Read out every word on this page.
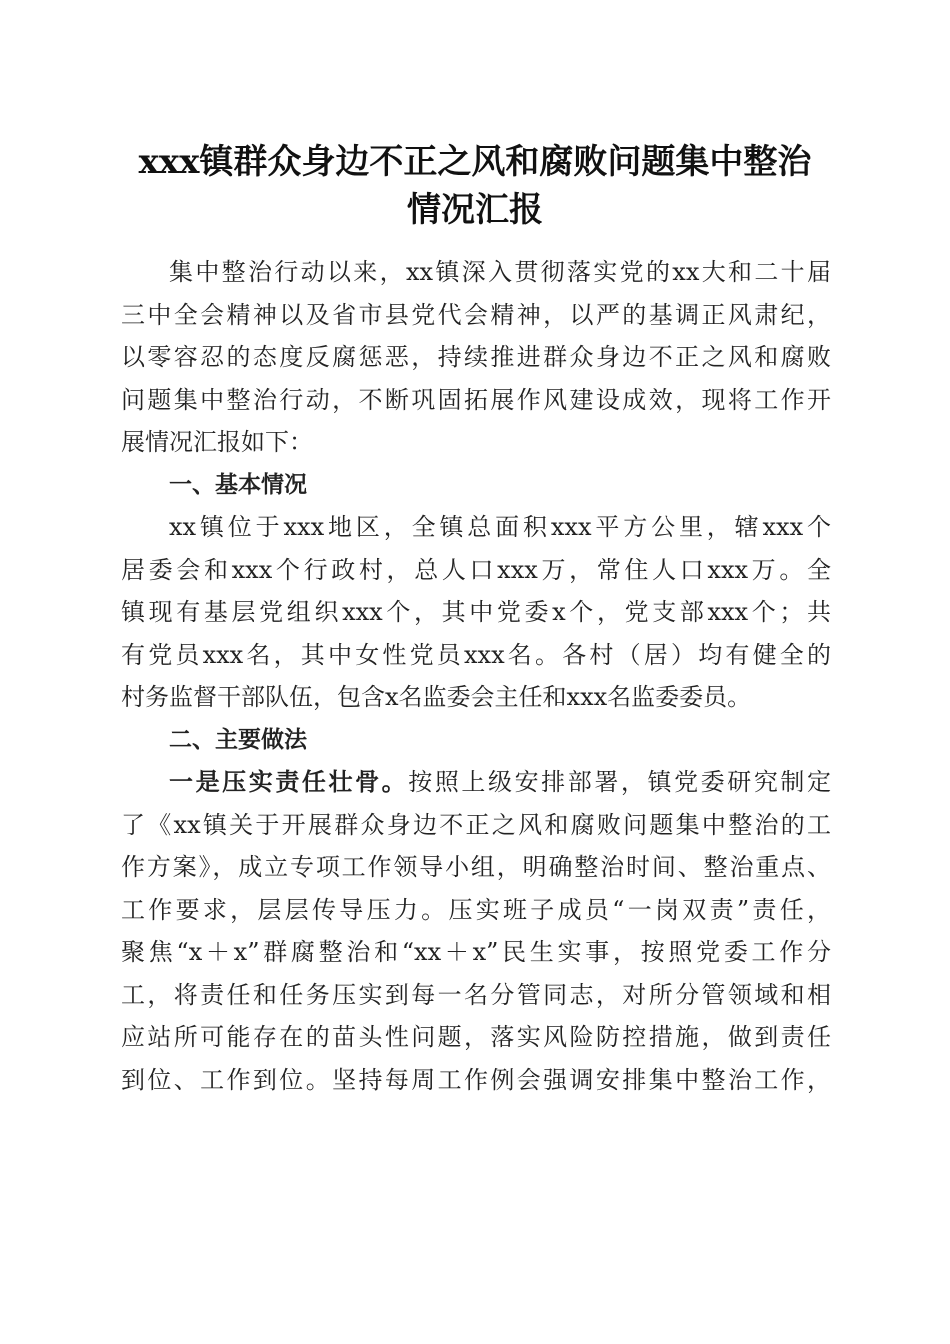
xxx镇群众身边不正之风和腐败问题集中整治
情况汇报
集中整治行动以来，xx镇深入贯彻落实党的xx大和二十届
三中全会精神以及省市县党代会精神，以严的基调正风肃纪，
以零容忍的态度反腐惩恶，持续推进群众身边不正之风和腐败
问题集中整治行动，不断巩固拓展作风建设成效，现将工作开
展情况汇报如下：
一、基本情况
xx镇位于xxx地区，全镇总面积xxx平方公里，辖xxx个
居委会和xxx个行政村，总人口xxx万，常住人口xxx万。全
镇现有基层党组织xxx个，其中党委x个，党支部xxx个；共
有党员xxx名，其中女性党员xxx名。各村（居）均有健全的
村务监督干部队伍，包含x名监委会主任和xxx名监委委员。
二、主要做法
一是压实责任壮骨。按照上级安排部署，镇党委研究制定
了《xx镇关于开展群众身边不正之风和腐败问题集中整治的工
作方案》，成立专项工作领导小组，明确整治时间、整治重点、
工作要求，层层传导压力。压实班子成员“一岗双责”责任，
聚焦“x＋x”群腐整治和“xx＋x”民生实事，按照党委工作分
工，将责任和任务压实到每一名分管同志，对所分管领域和相
应站所可能存在的苗头性问题，落实风险防控措施，做到责任
到位、工作到位。坚持每周工作例会强调安排集中整治工作，
